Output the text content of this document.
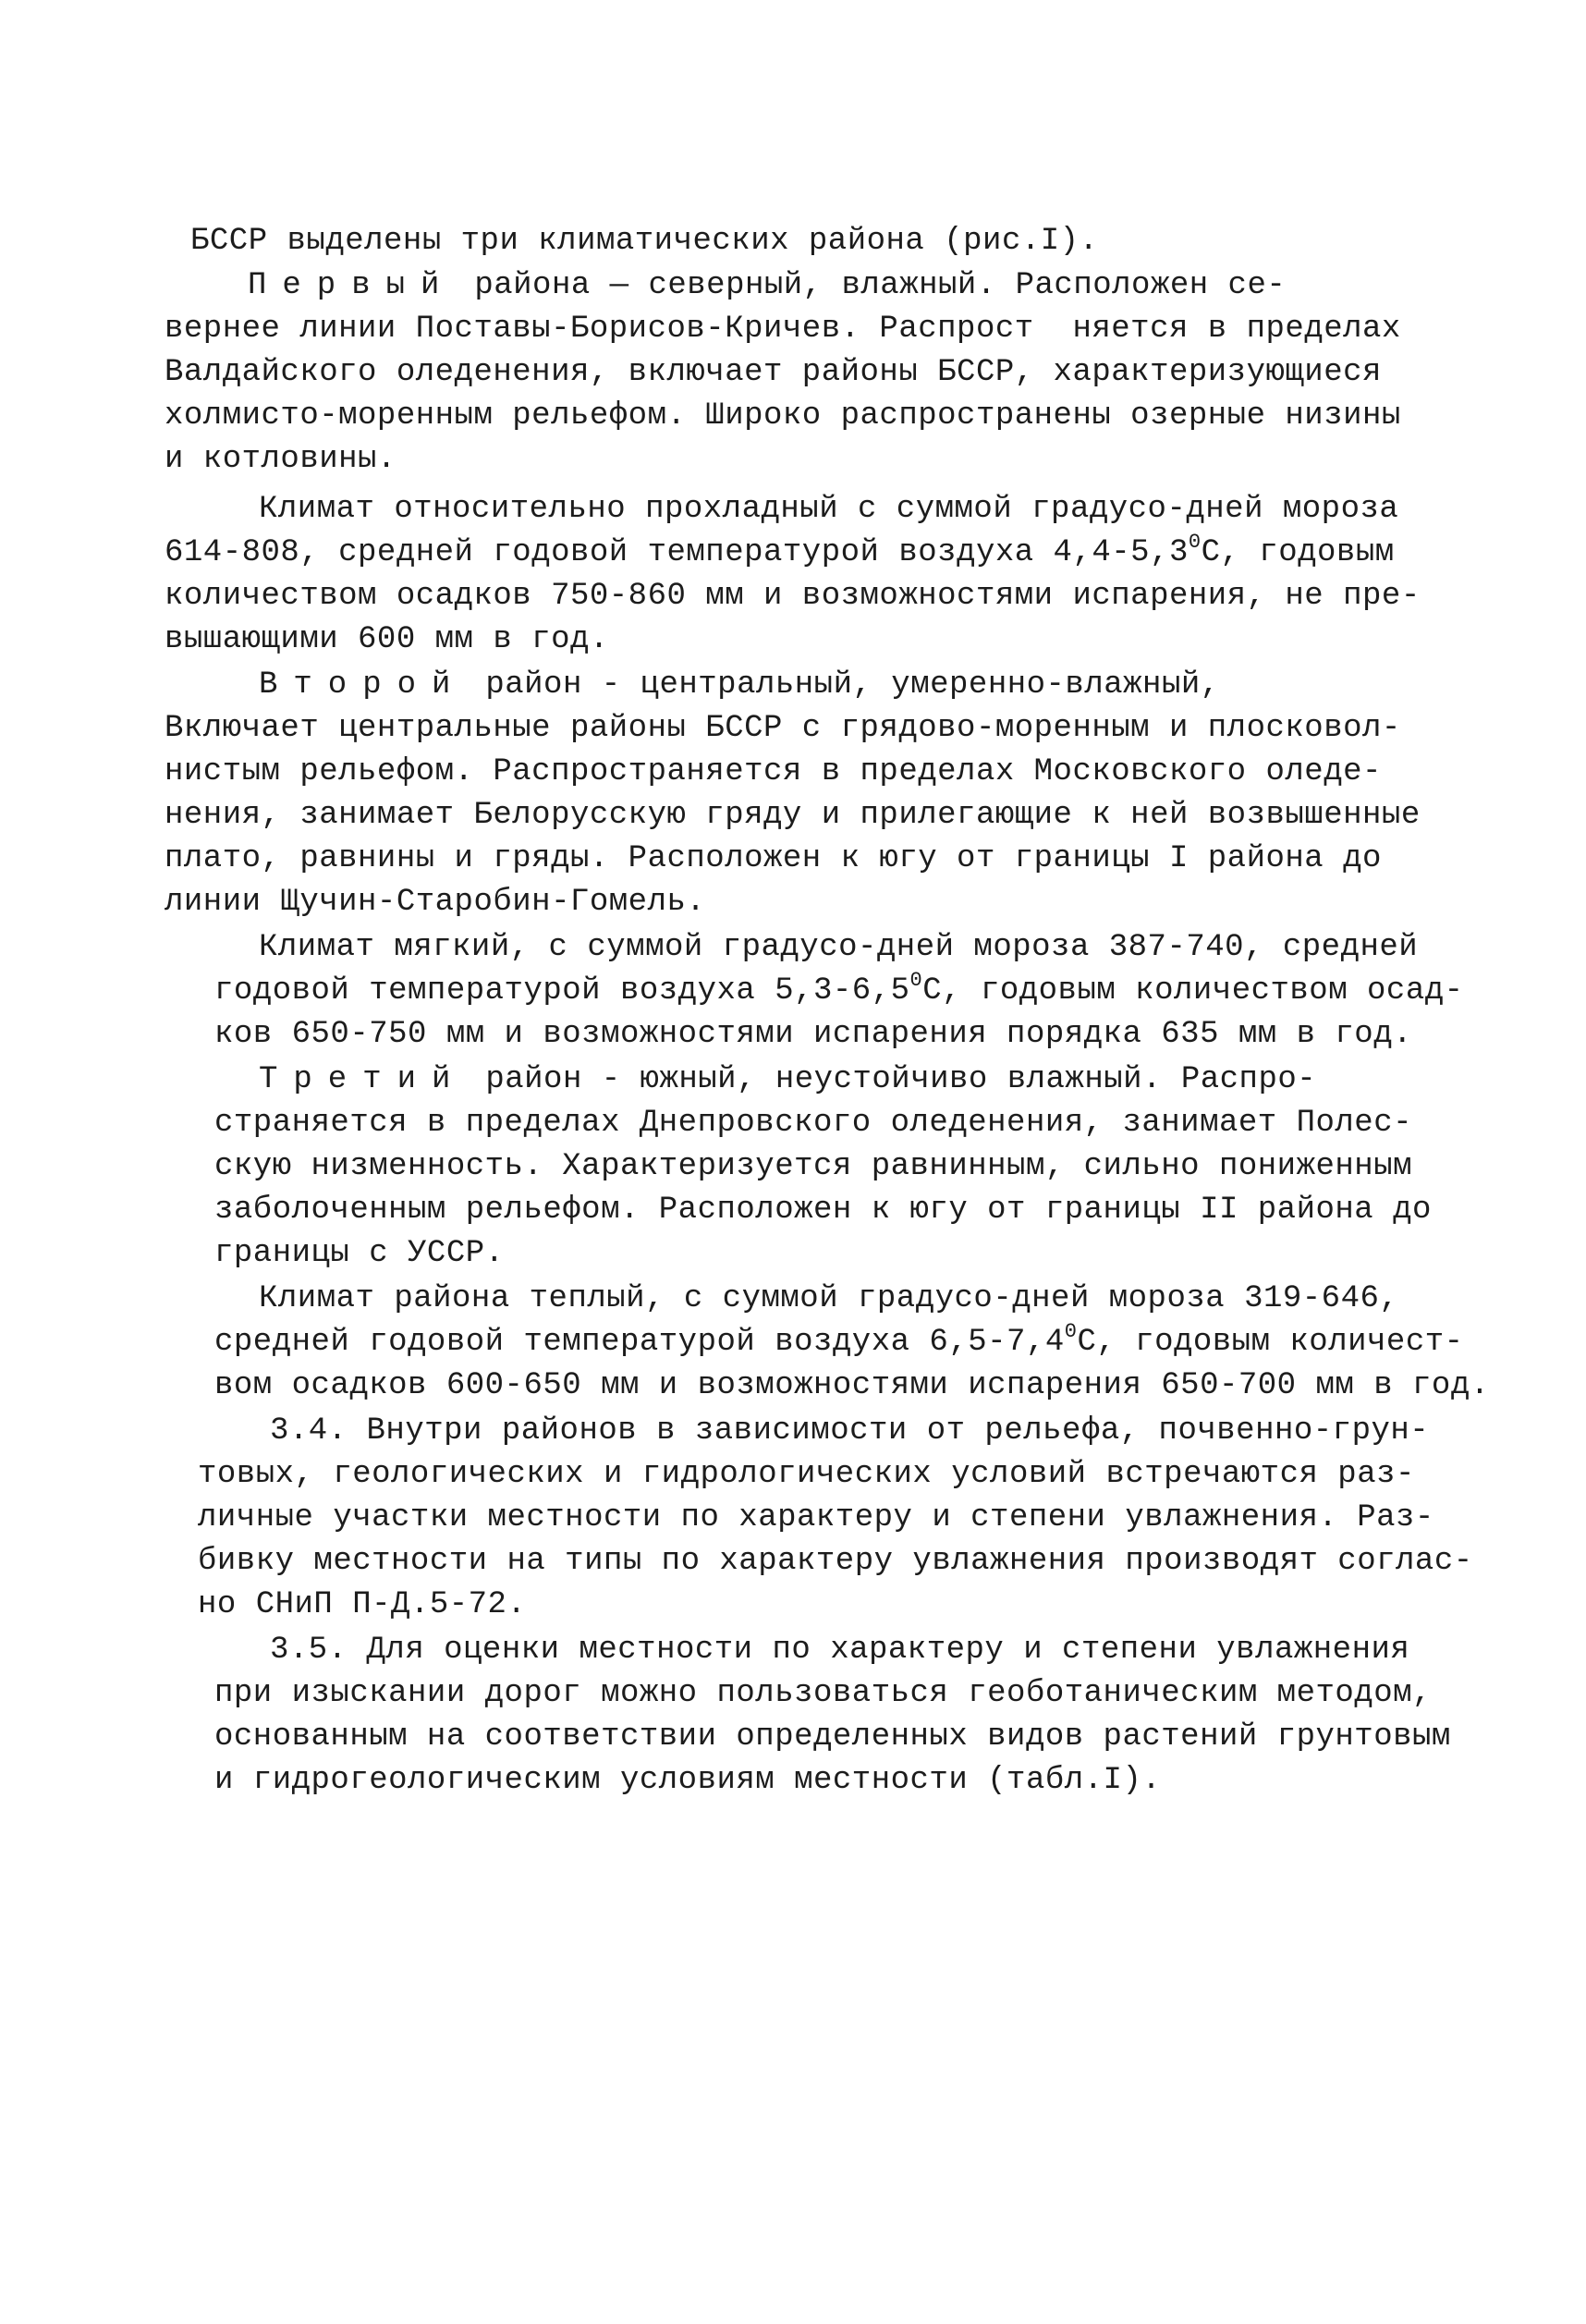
БССР выделены три климатических района (рис.I).

Первый района — северный, влажный. Расположен се-

вернее линии Поставы-Борисов-Кричев. Распрост  няется в пределах

Валдайского оледенения, включает районы БССР, характеризующиеся

холмисто-моренным рельефом. Широко распространены озерные низины

и котловины.

Климат относительно прохладный с суммой градусо-дней мороза

614-808, средней годовой температурой воздуха $4,4-5,3^0C$, годовым

количеством осадков 750-860 мм и возможностями испарения, не пре-

вышающими 600 мм в год.

Второй район - центральный, умеренно-влажный,

Включает центральные районы БССР с грядово-моренным и плосковол-

нистым рельефом. Распространяется в пределах Московского оледе-

нения, занимает Белорусскую гряду и прилегающие к ней возвышенные

плато, равнины и гряды. Расположен к югу от границы I района до

линии Щучин-Старобин-Гомель.

Климат мягкий, с суммой градусо-дней мороза 387-740, средней

годовой температурой воздуха $5,3-6,5^0C$, годовым количеством осад-

ков 650-750 мм и возможностями испарения порядка 635 мм в год.

Третий район - южный, неустойчиво влажный. Распро-

страняется в пределах Днепровского оледенения, занимает Полес-

скую низменность. Характеризуется равнинным, сильно пониженным

заболоченным рельефом. Расположен к югу от границы II района до

границы с УССР.

Климат района теплый, с суммой градусо-дней мороза 319-646,

средней годовой температурой воздуха $6,5-7,4^0C$, годовым количест-

вом осадков 600-650 мм и возможностями испарения 650-700 мм в год.

3.4. Внутри районов в зависимости от рельефа, почвенно-грун-

товых, геологических и гидрологических условий встречаются раз-

личные участки местности по характеру и степени увлажнения. Раз-

бивку местности на типы по характеру увлажнения производят соглас-

но СНиП П-Д.5-72.

3.5. Для оценки местности по характеру и степени увлажнения

при изыскании дорог можно пользоваться геоботаническим методом,

основанным на соответствии определенных видов растений грунтовым

и гидрогеологическим условиям местности (табл.I).
